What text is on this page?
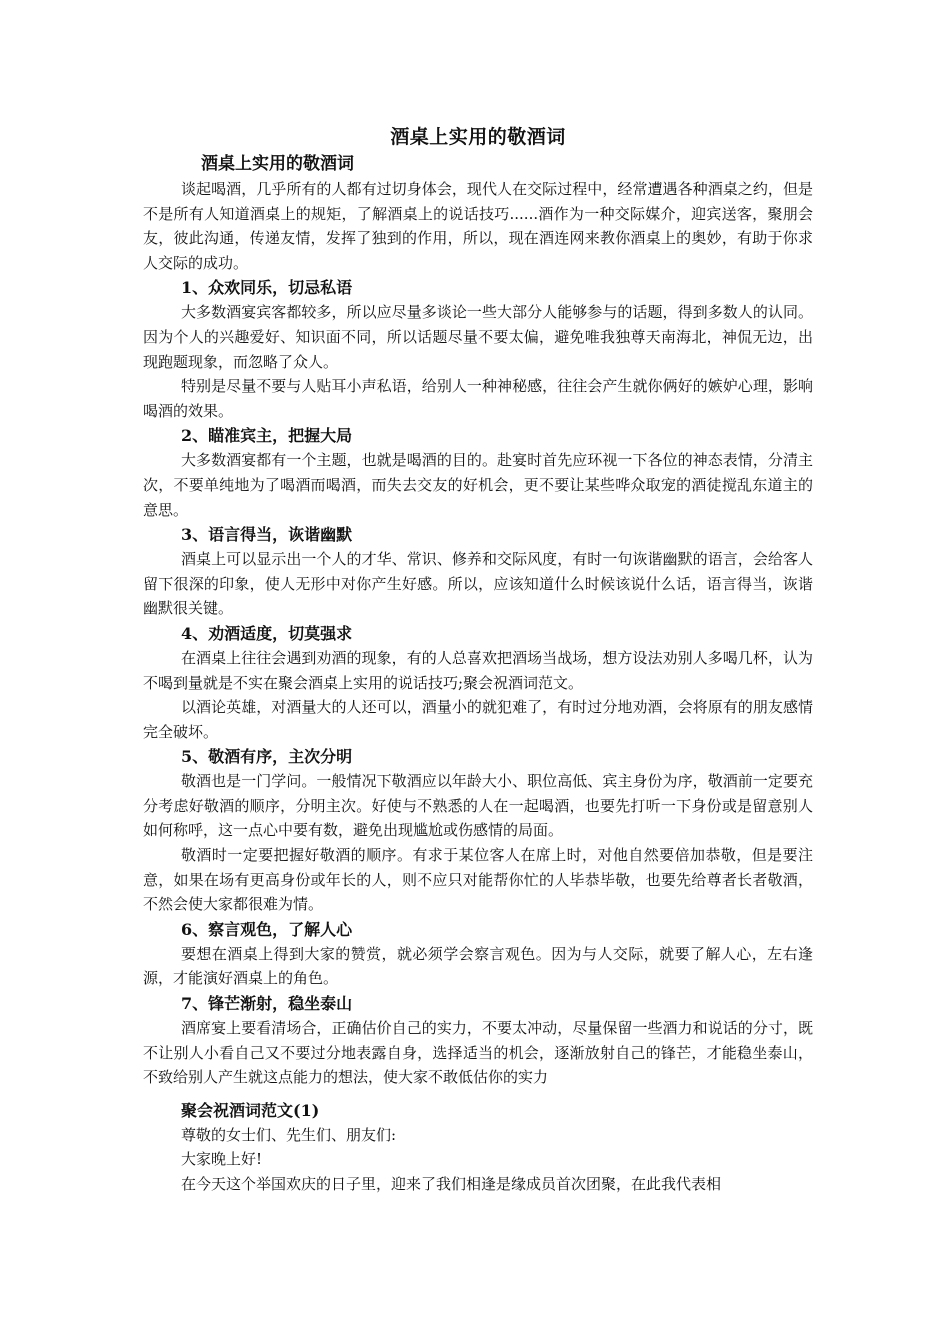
酒桌上实用的敬酒词
酒桌上实用的敬酒词

谈起喝酒，几乎所有的人都有过切身体会，现代人在交际过程中，经常遭遇各种酒桌之约，但是不是所有人知道酒桌上的规矩，了解酒桌上的说话技巧......酒作为一种交际媒介，迎宾送客，聚朋会友，彼此沟通，传递友情，发挥了独到的作用，所以，现在酒连网来教你酒桌上的奥妙，有助于你求人交际的成功。

1、众欢同乐，切忌私语

大多数酒宴宾客都较多，所以应尽量多谈论一些大部分人能够参与的话题，得到多数人的认同。因为个人的兴趣爱好、知识面不同，所以话题尽量不要太偏，避免唯我独尊天南海北，神侃无边，出现跑题现象，而忽略了众人。

特别是尽量不要与人贴耳小声私语，给别人一种神秘感，往往会产生就你俩好的嫉妒心理，影响喝酒的效果。

2、瞄准宾主，把握大局

大多数酒宴都有一个主题，也就是喝酒的目的。赴宴时首先应环视一下各位的神态表情，分清主次，不要单纯地为了喝酒而喝酒，而失去交友的好机会，更不要让某些哗众取宠的酒徒搅乱东道主的意思。

3、语言得当，诙谐幽默

酒桌上可以显示出一个人的才华、常识、修养和交际风度，有时一句诙谐幽默的语言，会给客人留下很深的印象，使人无形中对你产生好感。所以，应该知道什么时候该说什么话，语言得当，诙谐幽默很关键。

4、劝酒适度，切莫强求

在酒桌上往往会遇到劝酒的现象，有的人总喜欢把酒场当战场，想方设法劝别人多喝几杯，认为不喝到量就是不实在聚会酒桌上实用的说话技巧;聚会祝酒词范文。

以酒论英雄，对酒量大的人还可以，酒量小的就犯难了，有时过分地劝酒，会将原有的朋友感情完全破坏。

5、敬酒有序，主次分明

敬酒也是一门学问。一般情况下敬酒应以年龄大小、职位高低、宾主身份为序，敬酒前一定要充分考虑好敬酒的顺序，分明主次。好使与不熟悉的人在一起喝酒，也要先打听一下身份或是留意别人如何称呼，这一点心中要有数，避免出现尴尬或伤感情的局面。

敬酒时一定要把握好敬酒的顺序。有求于某位客人在席上时，对他自然要倍加恭敬，但是要注意，如果在场有更高身份或年长的人，则不应只对能帮你忙的人毕恭毕敬，也要先给尊者长者敬酒，不然会使大家都很难为情。

6、察言观色，了解人心

要想在酒桌上得到大家的赞赏，就必须学会察言观色。因为与人交际，就要了解人心，左右逢源，才能演好酒桌上的角色。

7、锋芒渐射，稳坐泰山

酒席宴上要看清场合，正确估价自己的实力，不要太冲动，尽量保留一些酒力和说话的分寸，既不让别人小看自己又不要过分地表露自身，选择适当的机会，逐渐放射自己的锋芒，才能稳坐泰山，不致给别人产生就这点能力的想法，使大家不敢低估你的实力

聚会祝酒词范文(1)

尊敬的女士们、先生们、朋友们:

大家晚上好!

在今天这个举国欢庆的日子里，迎来了我们相逢是缘成员首次团聚，在此我代表相
